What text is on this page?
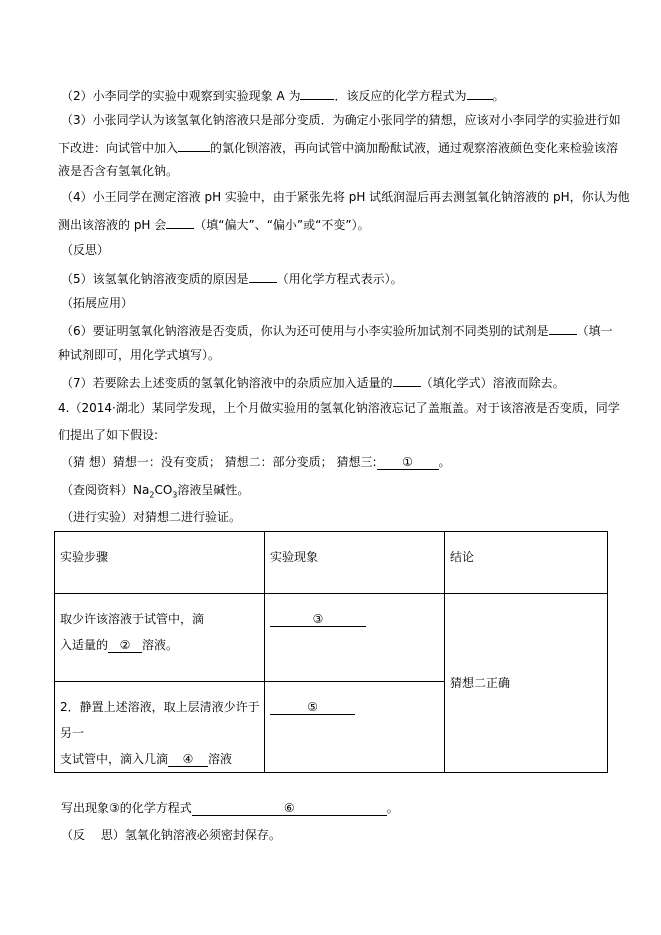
（2）小李同学的实验中观察到实验现象 A 为	．该反应的化学方程式为 。
（3）小张同学认为该氢氧化钠溶液只是部分变质．为确定小张同学的猜想，应该对小李同学的实验进行如
下改进：向试管中加入	的氯化钡溶液，再向试管中滴加酚酞试液，通过观察溶液颜色变化来检验该溶
液是否含有氢氧化钠。
（4）小王同学在测定溶液 pH 实验中，由于紧张先将 pH 试纸润湿后再去测氢氧化钠溶液的 pH，你认为他
测出该溶液的 pH 会 （填“偏大”、“偏小”或“不变”）。
（反思）
（5）该氢氧化钠溶液变质的原因是 （用化学方程式表示）。
（拓展应用）
（6）要证明氢氧化钠溶液是否变质，你认为还可使用与小李实验所加试剂不同类别的试剂是 （填一
种试剂即可，用化学式填写）。
（7）若要除去上述变质的氢氧化钠溶液中的杂质应加入适量的 （填化学式）溶液而除去。
4.（2014·湖北）某同学发现，上个月做实验用的氢氧化钠溶液忘记了盖瓶盖。对于该溶液是否变质，同学
们提出了如下假设:
（猜 想）猜想一：没有变质； 猜想二：部分变质； 猜想三: ① 。
（查阅资料）$Na_2CO_3$溶液呈碱性。
（进行实验）对猜想二进行验证。
实验步骤	实验现象	结论
取少许该溶液于试管中，滴
入适量的 ② 溶液。	③	猜想二正确
2．静置上述溶液，取上层清液少许于另一
支试管中，滴入几滴 ④ 溶液	⑤	
写出现象③的化学方程式	⑥	。
（反　 思）氢氧化钠溶液必须密封保存。
